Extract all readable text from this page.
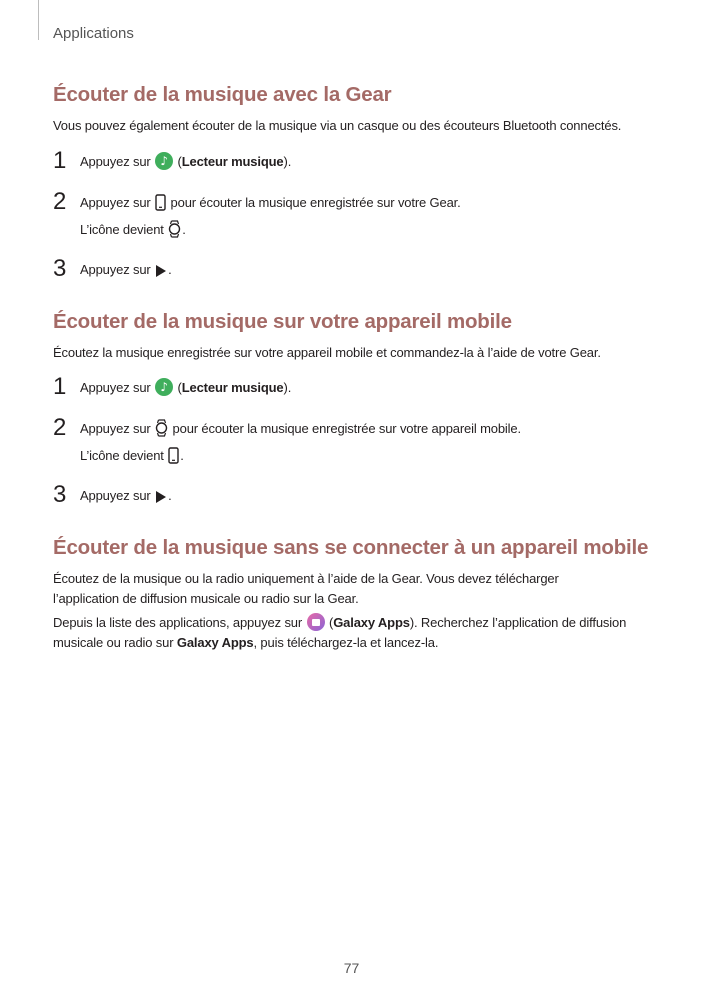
Applications
Écouter de la musique avec la Gear
Vous pouvez également écouter de la musique via un casque ou des écouteurs Bluetooth connectés.
1 Appuyez sur ♪ (Lecteur musique).
2 Appuyez sur  pour écouter la musique enregistrée sur votre Gear.
L’icône devient .
3 Appuyez sur .
Écouter de la musique sur votre appareil mobile
Écoutez la musique enregistrée sur votre appareil mobile et commandez-la à l’aide de votre Gear.
1 Appuyez sur ♪ (Lecteur musique).
2 Appuyez sur  pour écouter la musique enregistrée sur votre appareil mobile.
L’icône devient .
3 Appuyez sur .
Écouter de la musique sans se connecter à un appareil mobile
Écoutez de la musique ou la radio uniquement à l’aide de la Gear. Vous devez télécharger
l’application de diffusion musicale ou radio sur la Gear.
Depuis la liste des applications, appuyez sur  (Galaxy Apps). Recherchez l’application de diffusion
musicale ou radio sur Galaxy Apps, puis téléchargez-la et lancez-la.
77
